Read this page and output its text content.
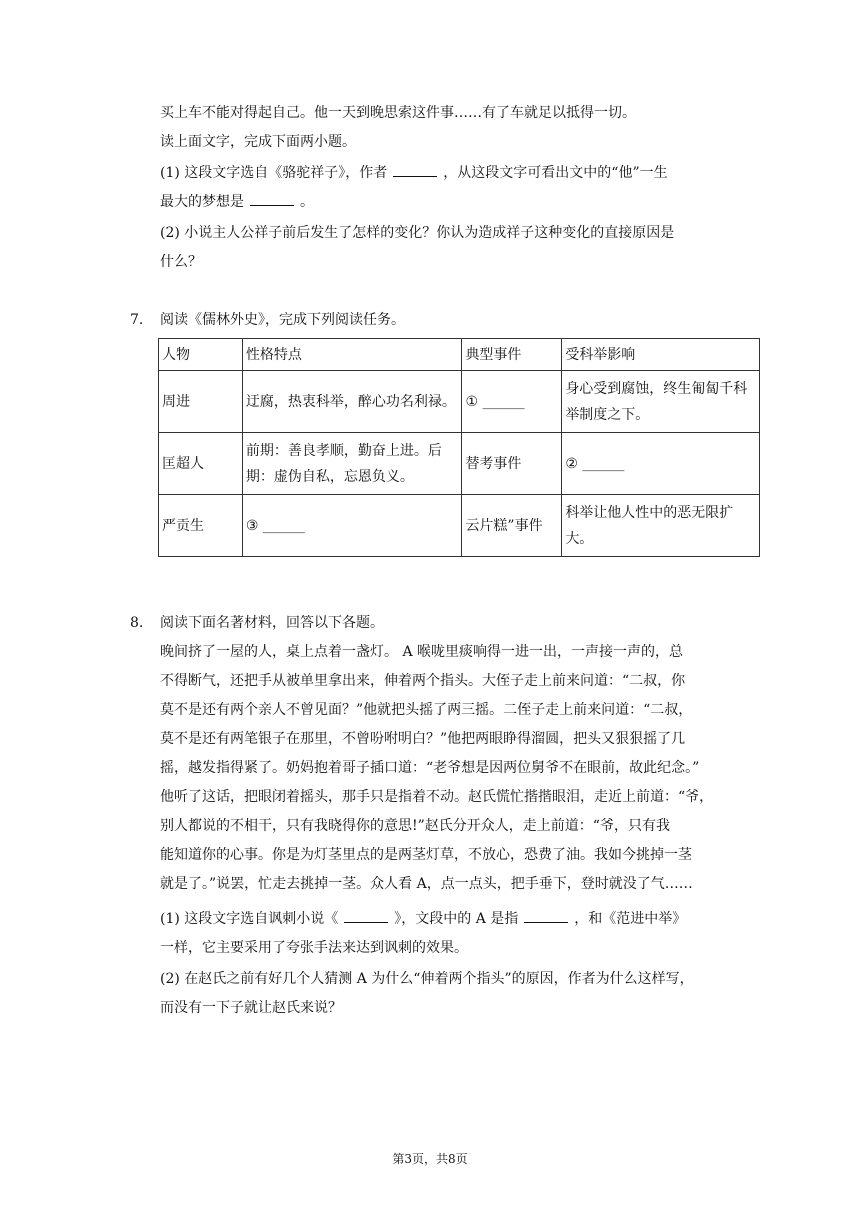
买上车不能对得起自己。他一天到晚思索这件事……有了车就足以抵得一切。
读上面文字，完成下面两小题。
(1) 这段文字选自《骆驼祥子》，作者	，从这段文字可看出文中的“他”一生
最大的梦想是	。
(2) 小说主人公祥子前后发生了怎样的变化？你认为造成祥子这种变化的直接原因是
什么？
7. 阅读《儒林外史》，完成下列阅读任务。
人物	性格特点	典型事件	受科举影响
周进	迂腐，热衷科举，醉心功名利禄。	① ______	身心受到腐蚀，终生匍匐千科举制度之下。
匡超人	前期：善良孝顺，勤奋上进。后期：虚伪自私，忘恩负义。	替考事件	② ______
严贡生	③ ______	云片糕”事件	科举让他人性中的恶无限扩大。
8. 阅读下面名著材料，回答以下各题。
晚间挤了一屋的人，桌上点着一盏灯。 A 喉咙里痰响得一进一出，一声接一声的，总
不得断气，还把手从被单里拿出来，伸着两个指头。大侄子走上前来问道：“二叔，你
莫不是还有两个亲人不曾见面？”他就把头摇了两三摇。二侄子走上前来问道：“二叔，
莫不是还有两笔银子在那里，不曾吩咐明白？”他把两眼睁得溜圆，把头又狠狠摇了几
摇，越发指得紧了。奶妈抱着哥子插口道：“老爷想是因两位舅爷不在眼前，故此纪念。”
他听了这话，把眼闭着摇头，那手只是指着不动。赵氏慌忙揩揩眼泪，走近上前道：“爷，
别人都说的不相干，只有我晓得你的意思!”赵氏分开众人，走上前道：“爷，只有我
能知道你的心事。你是为灯茎里点的是两茎灯草，不放心，恐费了油。我如今挑掉一茎
就是了。”说罢，忙走去挑掉一茎。众人看 A，点一点头，把手垂下，登时就没了气……
(1) 这段文字选自讽刺小说《	》，文段中的 A 是指	，和《范进中举》
一样，它主要采用了夸张手法来达到讽刺的效果。
(2) 在赵氏之前有好几个人猜测 A 为什么“伸着两个指头”的原因，作者为什么这样写，
而没有一下子就让赵氏来说？
第3页，共8页
